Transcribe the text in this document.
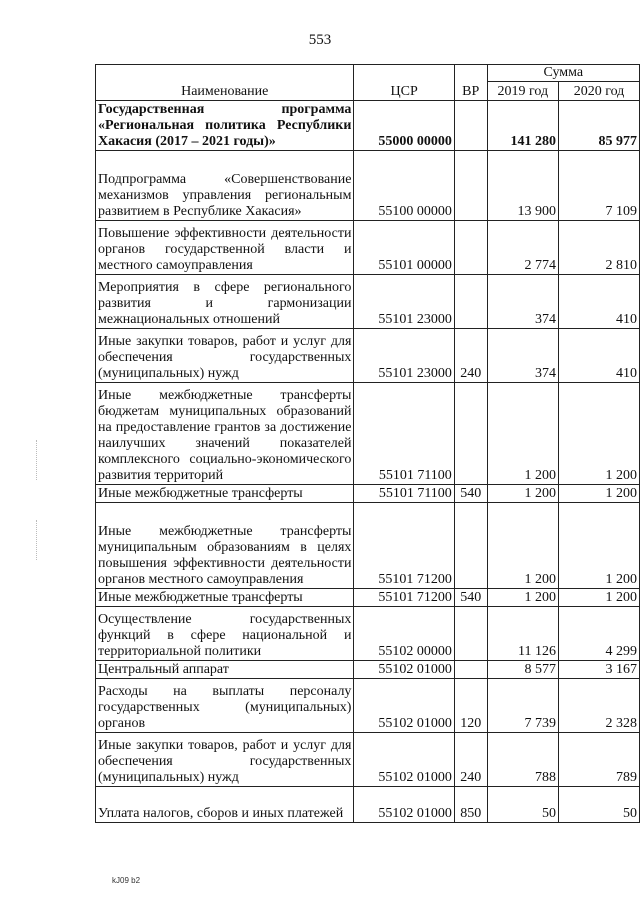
553
Наименование	ЦСР	ВР	Сумма	
			2019 год	2020 год
Государственная программа «Региональная политика Республики Хакасия (2017 – 2021 годы)»	55000 00000		141 280	85 977
Подпрограмма «Совершенствование механизмов управления региональным развитием в Республике Хакасия»	55100 00000		13 900	7 109
Повышение эффективности деятельности органов государственной власти и местного самоуправления	55101 00000		2 774	2 810
Мероприятия в сфере регионального развития и гармонизации межнациональных отношений	55101 23000		374	410
Иные закупки товаров, работ и услуг для обеспечения государственных (муниципальных) нужд	55101 23000	240	374	410
Иные межбюджетные трансферты бюджетам муниципальных образований на предоставление грантов за достижение наилучших значений показателей комплексного социально-экономического развития территорий	55101 71100		1 200	1 200
Иные межбюджетные трансферты	55101 71100	540	1 200	1 200
Иные межбюджетные трансферты муниципальным образованиям в целях повышения эффективности деятельности органов местного самоуправления	55101 71200		1 200	1 200
Иные межбюджетные трансферты	55101 71200	540	1 200	1 200
Осуществление государственных функций в сфере национальной и территориальной политики	55102 00000		11 126	4 299
Центральный аппарат	55102 01000		8 577	3 167
Расходы на выплаты персоналу государственных (муниципальных) органов	55102 01000	120	7 739	2 328
Иные закупки товаров, работ и услуг для обеспечения государственных (муниципальных) нужд	55102 01000	240	788	789
Уплата налогов, сборов и иных платежей	55102 01000	850	50	50
kJ09 b2
